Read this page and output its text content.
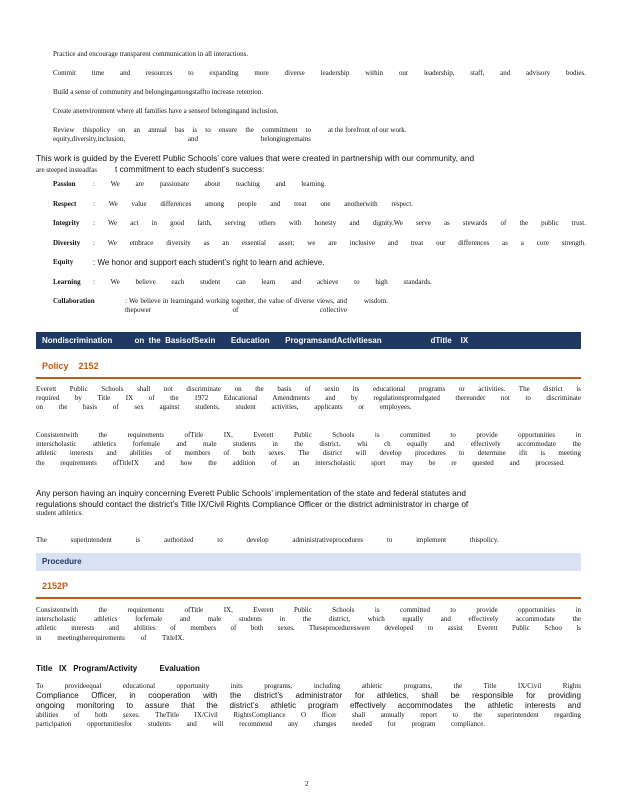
Practice and encourage transparent communication in all interactions.
Commit time and resources to expanding more diverse leadership within our leadership, staff, and advisory bodies.
Build a sense of community and belongingamongstaffto increase retention.
Create anenvironment where all families have a senseof belongingand inclusion.
Review thispolicy on an annual bas is to ensure the commitment to equity,diversity,inclusion, and belongingremains
at the forefront of our work.
This work is guided by the Everett Public Schools’ core values that were created in partnership with our community, and
are steeped insteadfas t commitment to each student’s success:
Passion	: We are passionate about teaching and learning.
Respect	: We value differences among people and treat one anotherwith respect.
Integrity	: We act in good faith, serving others with honesty and dignity.We serve as stewards of the public trust.
Diversity	: We embrace diversity as an essential asset; we are inclusive and treat our differences as a core strength.
Equity	: We honor and support each student’s right to learn and achieve.
Learning	: We believe each student can learn and achieve to high standards.
Collaboration	: We believe in learningand working together, the value of diverse views, and thepower of collective
wisdom.
Nondiscrimination          on  the  BasisofSexin       Education       ProgramsandActivitiesan                      dTitle    IX
Policy    2152
Everett Public Schools shall not discriminate on the basis of sexin its educational programs or activities. The district is
required by Title IX of the 1972 Educational Amendments and by regulationspromulgated thereunder not to discriminate
on the basis of sex against students, student activities, applicants or employees.
Consistentwith the requirements ofTitle IX, Everett Public Schools is committed to provide opportunities in
interscholastic athletics forfemale and male students in the district, whi ch equally and effectively accommodate the
athletic interests and abilities of members of both sexes. The district will develop procedures to determine ifit is meeting
the requirements ofTitleIX and how the addition of an interscholastic sport may be re quested and processed.
Any person having an inquiry concerning Everett Public Schools’ implementation of the state and federal statutes and
regulations should contact the district’s Title IX/Civil Rights Compliance Officer or the district administrator in charge of
student athletics.
The superintendent is authorized to develop administrativeprocedures to implement thispolicy.
Procedure
2152P
Consistentwith the requirements ofTitle IX, Everett Public Schools is committed to provide opportunities in
interscholastic athletics forfemale and male students in the district, which equally and effectively accommodate the
athletic interests and abilities of members of both sexes. Theseprocedureswere developed to assist Everett Public Schoo ls
in meetingtherequirements of TitleIX.
Title   IX   Program/Activity          Evaluation
To provideequal educational opportunity inits programs, including athletic programs, the Title IX/Civil Rights
Compliance Officer, in cooperation with the district’s administrator for athletics, shall be responsible for providing
ongoing monitoring to assure that the district’s athletic program effectively accommodates the athletic interests and
abilities of both sexes. TheTitle IX/Civil RightsCompliance O fficer shall annually report to the superintendent regarding
participation opportunitiesfor students and will recommend any changes needed for program compliance.
2
